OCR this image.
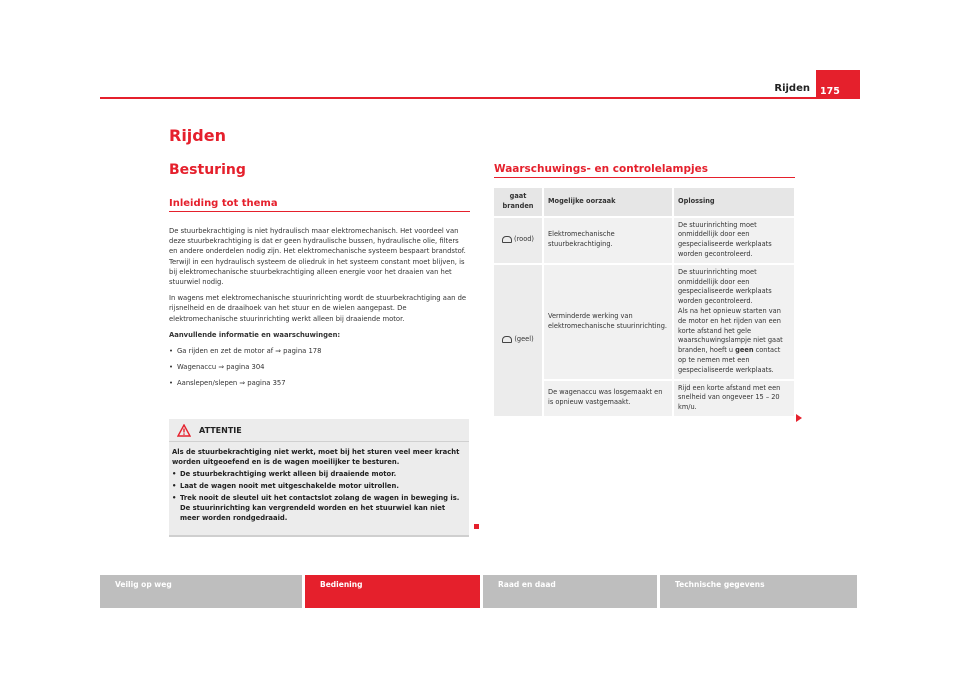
Rijden	175
Rijden
Besturing
Inleiding tot thema

De stuurbekrachtiging is niet hydraulisch maar elektromechanisch. Het voordeel van deze stuurbekrachtiging is dat er geen hydraulische bussen, hydraulische olie, filters en andere onderdelen nodig zijn. Het elektromechanische systeem bespaart brandstof. Terwijl in een hydraulisch systeem de oliedruk in het systeem constant moet blijven, is bij elektromechanische stuurbekrachtiging alleen energie voor het draaien van het stuurwiel nodig.

In wagens met elektromechanische stuurinrichting wordt de stuurbekrachtiging aan de rijsnelheid en de draaihoek van het stuur en de wielen aangepast. De elektromechanische stuurinrichting werkt alleen bij draaiende motor.

Aanvullende informatie en waarschuwingen:
• Ga rijden en zet de motor af ⇒ pagina 178
• Wagenaccu ⇒ pagina 304
• Aanslepen/slepen ⇒ pagina 357
ATTENTIE

Als de stuurbekrachtiging niet werkt, moet bij het sturen veel meer kracht worden uitgeoefend en is de wagen moeilijker te besturen.

• De stuurbekrachtiging werkt alleen bij draaiende motor.
• Laat de wagen nooit met uitgeschakelde motor uitrollen.
• Trek nooit de sleutel uit het contactslot zolang de wagen in beweging is. De stuurinrichting kan vergrendeld worden en het stuurwiel kan niet meer worden rondgedraaid.
Waarschuwings- en controlelampjes
gaat branden	Mogelijke oorzaak	Oplossing
(rood)	Elektromechanische stuurbekrachtiging.	De stuurinrichting moet onmiddellijk door een gespecialiseerde werkplaats worden gecontroleerd.
(geel)	Verminderde werking van elektromechanische stuurinrichting.	De stuurinrichting moet onmiddellijk door een gespecialiseerde werkplaats worden gecontroleerd.
Als na het opnieuw starten van de motor en het rijden van een korte afstand het gele waarschuwingslampje niet gaat branden, hoeft u geen contact op te nemen met een gespecialiseerde werkplaats.

	De wagenaccu was losgemaakt en is opnieuw vastgemaakt.	Rijd een korte afstand met een snelheid van ongeveer 15 – 20 km/u.
Veilig op weg	Bediening	Raad en daad	Technische gegevens
